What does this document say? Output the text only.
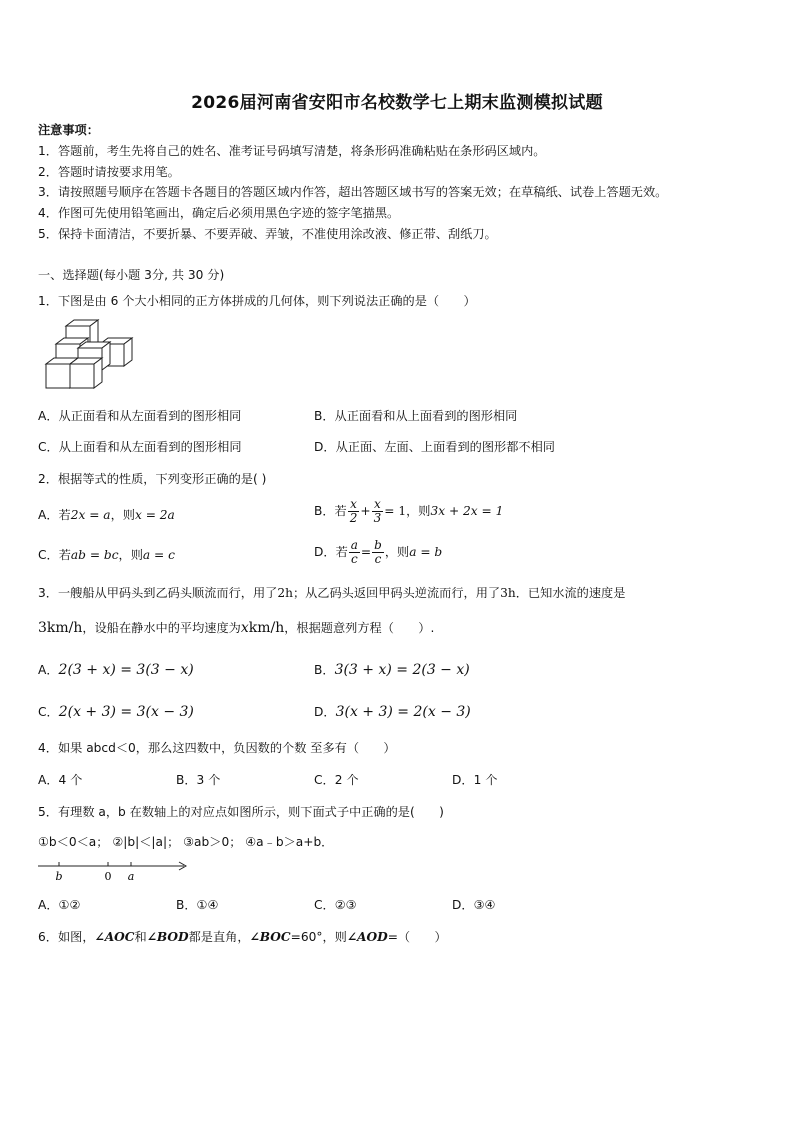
2026届河南省安阳市名校数学七上期末监测模拟试题
注意事项：
1．答题前，考生先将自己的姓名、准考证号码填写清楚，将条形码准确粘贴在条形码区域内。
2．答题时请按要求用笔。
3．请按照题号顺序在答题卡各题目的答题区域内作答，超出答题区域书写的答案无效；在草稿纸、试卷上答题无效。
4．作图可先使用铅笔画出，确定后必须用黑色字迹的签字笔描黑。
5．保持卡面清洁，不要折暴、不要弄破、弄皱，不准使用涂改液、修正带、刮纸刀。
一、选择题(每小题 3分, 共 30 分)
1．下图是由 6 个大小相同的正方体拼成的几何体，则下列说法正确的是（　　）
A．从正面看和从左面看到的图形相同	B．从正面看和从上面看到的图形相同
C．从上面看和从左面看到的图形相同	D．从正面、左面、上面看到的图形都不相同
2．根据等式的性质，下列变形正确的是( )
A．若2x = a，则x = 2a	B．若 $\frac{x}{2} + \frac{x}{3} = 1$，则3x + 2x = 1
C．若ab = bc，则a = c	D．若 $\frac{a}{c} = \frac{b}{c}$ ，则a = b
3．一艘船从甲码头到乙码头顺流而行，用了2h；从乙码头返回甲码头逆流而行，用了3h．已知水流的速度是
3km/h，设船在静水中的平均速度为xkm/h，根据题意列方程（　　）.
A．2(3 + x) = 3(3 − x)	B．3(3 + x) = 2(3 − x)
C．2(x + 3) = 3(x − 3)	D．3(x + 3) = 2(x − 3)
4．如果 abcd＜0，那么这四数中，负因数的个数 至多有（　　）
A．4 个	B．3 个	C．2 个	D．1 个
5．有理数 a，b 在数轴上的对应点如图所示，则下面式子中正确的是(　　)
①b＜0＜a； ②|b|＜|a|； ③ab＞0； ④a﹣b＞a+b．
b	0 a
A．①②	B．①④	C．②③	D．③④
6．如图，∠AOC和∠BOD都是直角，∠BOC=60°，则∠AOD=（　　）
